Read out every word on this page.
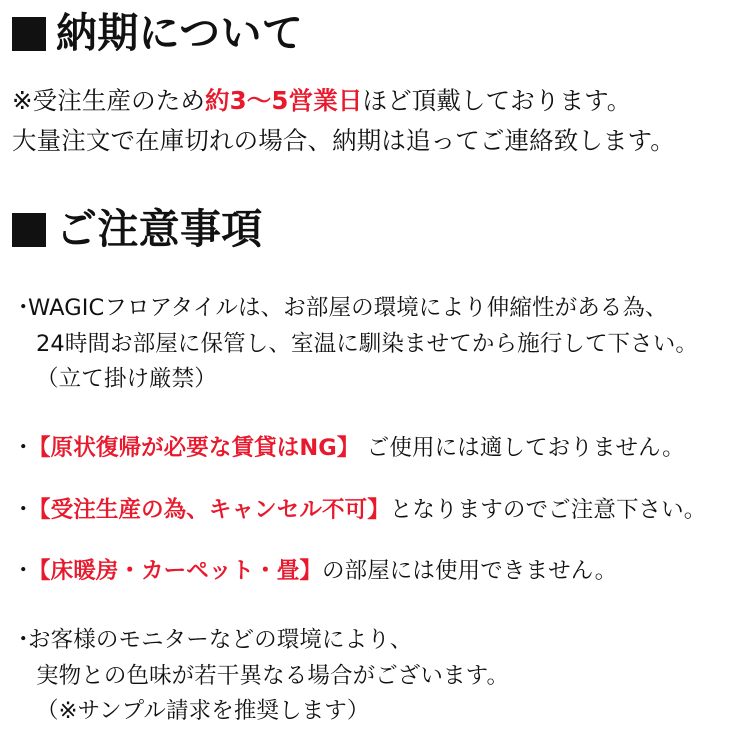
納期について
※受注生産のため約3〜5営業日ほど頂戴しております。
大量注文で在庫切れの場合、納期は追ってご連絡致します。
ご注意事項
・
WAGICフロアタイルは、お部屋の環境により伸縮性がある為、
24時間お部屋に保管し、室温に馴染ませてから施行して下さい。
（立て掛け厳禁）
・
【原状復帰が必要な賃貸はNG】 ご使用には適しておりません。
・
【受注生産の為、キャンセル不可】となりますのでご注意下さい。
・
【床暖房・カーペット・畳】の部屋には使用できません。
・
お客様のモニターなどの環境により、
実物との色味が若干異なる場合がございます。
（※サンプル請求を推奨します）
